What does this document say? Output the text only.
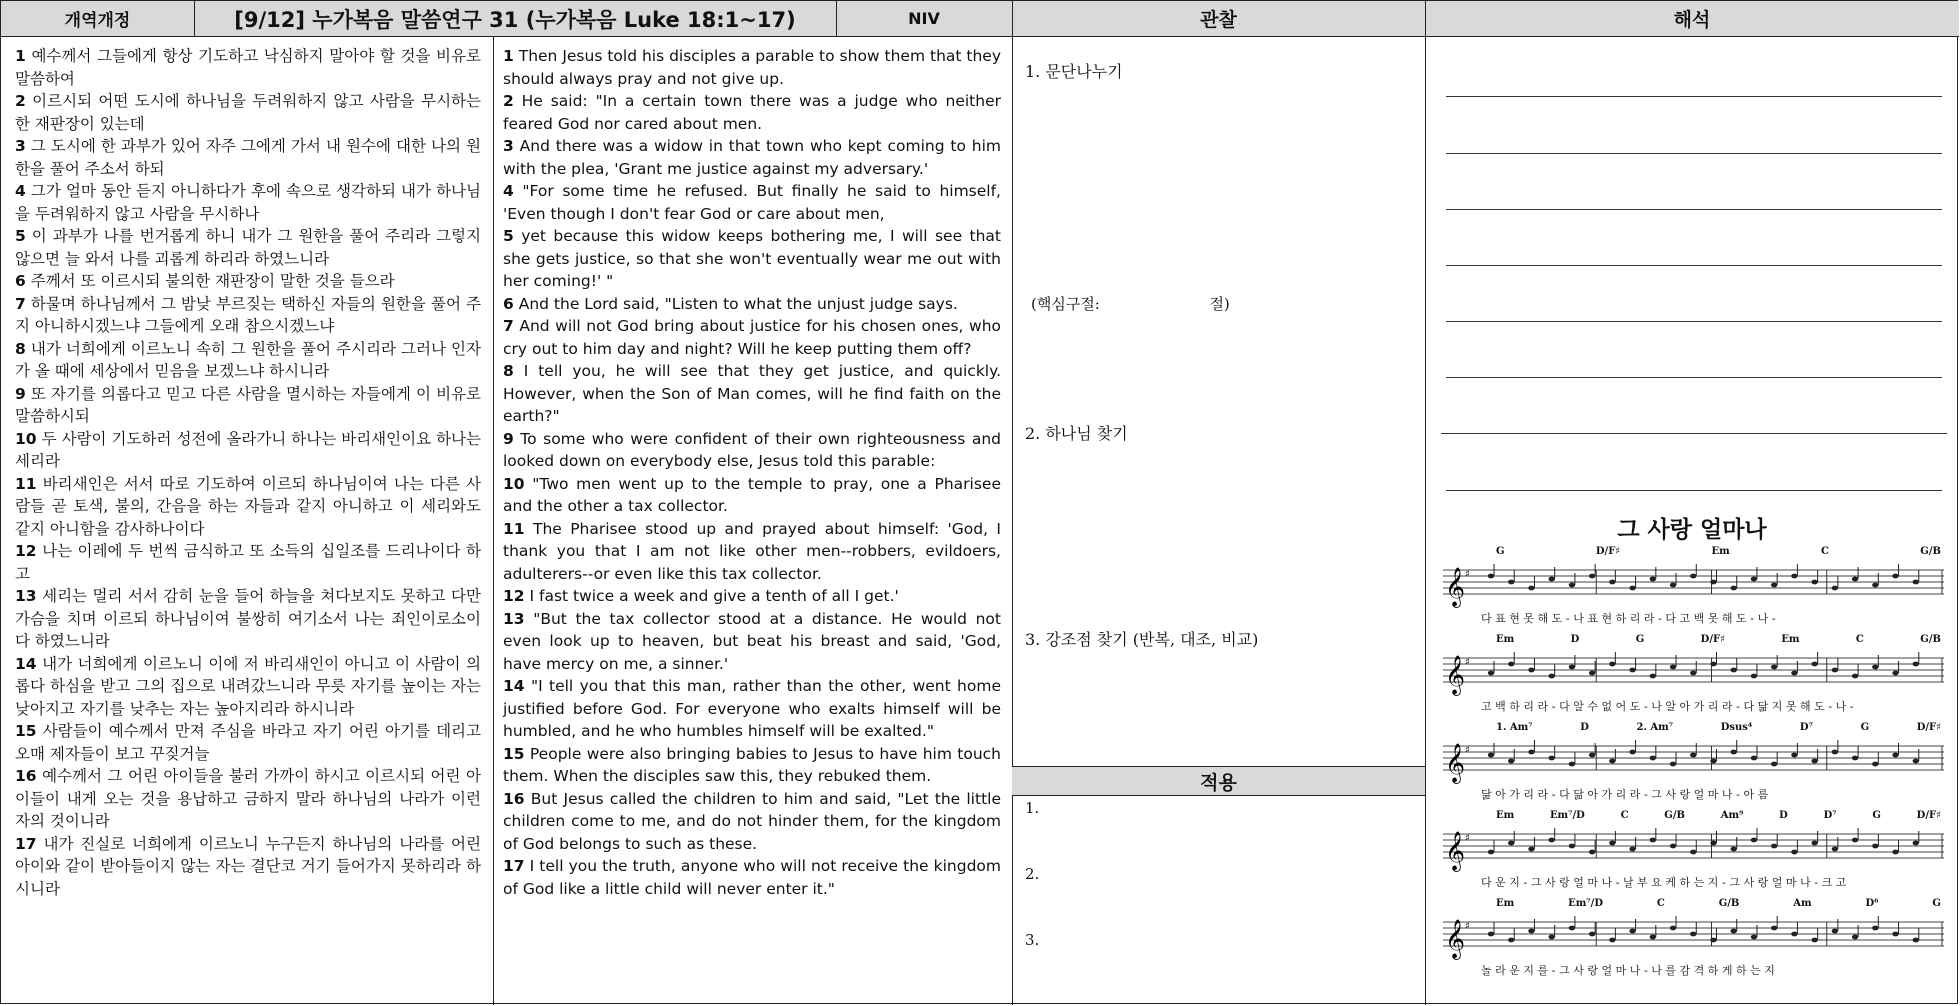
개역개정	[9/12] 누가복음 말씀연구 31 (누가복음 Luke 18:1~17)	NIV	관찰	해석
1 예수께서 그들에게 항상 기도하고 낙심하지 말아야 할 것을 비유로 말씀하여
2 이르시되 어떤 도시에 하나님을 두려워하지 않고 사람을 무시하는 한 재판장이 있는데
3 그 도시에 한 과부가 있어 자주 그에게 가서 내 원수에 대한 나의 원한을 풀어 주소서 하되
4 그가 얼마 동안 듣지 아니하다가 후에 속으로 생각하되 내가 하나님을 두려워하지 않고 사람을 무시하나
5 이 과부가 나를 번거롭게 하니 내가 그 원한을 풀어 주리라 그렇지 않으면 늘 와서 나를 괴롭게 하리라 하였느니라
6 주께서 또 이르시되 불의한 재판장이 말한 것을 들으라
7 하물며 하나님께서 그 밤낮 부르짖는 택하신 자들의 원한을 풀어 주지 아니하시겠느냐 그들에게 오래 참으시겠느냐
8 내가 너희에게 이르노니 속히 그 원한을 풀어 주시리라 그러나 인자가 올 때에 세상에서 믿음을 보겠느냐 하시니라
9 또 자기를 의롭다고 믿고 다른 사람을 멸시하는 자들에게 이 비유로 말씀하시되
10 두 사람이 기도하러 성전에 올라가니 하나는 바리새인이요 하나는 세리라
11 바리새인은 서서 따로 기도하여 이르되 하나님이여 나는 다른 사람들 곧 토색, 불의, 간음을 하는 자들과 같지 아니하고 이 세리와도 같지 아니함을 감사하나이다
12 나는 이레에 두 번씩 금식하고 또 소득의 십일조를 드리나이다 하고
13 세리는 멀리 서서 감히 눈을 들어 하늘을 쳐다보지도 못하고 다만 가슴을 치며 이르되 하나님이여 불쌍히 여기소서 나는 죄인이로소이다 하였느니라
14 내가 너희에게 이르노니 이에 저 바리새인이 아니고 이 사람이 의롭다 하심을 받고 그의 집으로 내려갔느니라 무릇 자기를 높이는 자는 낮아지고 자기를 낮추는 자는 높아지리라 하시니라
15 사람들이 예수께서 만져 주심을 바라고 자기 어린 아기를 데리고 오매 제자들이 보고 꾸짖거늘
16 예수께서 그 어린 아이들을 불러 가까이 하시고 이르시되 어린 아이들이 내게 오는 것을 용납하고 금하지 말라 하나님의 나라가 이런 자의 것이니라
17 내가 진실로 너희에게 이르노니 누구든지 하나님의 나라를 어린 아이와 같이 받아들이지 않는 자는 결단코 거기 들어가지 못하리라 하시니라
1 Then Jesus told his disciples a parable to show them that they should always pray and not give up.
2 He said: "In a certain town there was a judge who neither feared God nor cared about men.
3 And there was a widow in that town who kept coming to him with the plea, 'Grant me justice against my adversary.'
4 "For some time he refused. But finally he said to himself, 'Even though I don't fear God or care about men,
5 yet because this widow keeps bothering me, I will see that she gets justice, so that she won't eventually wear me out with her coming!' "
6 And the Lord said, "Listen to what the unjust judge says.
7 And will not God bring about justice for his chosen ones, who cry out to him day and night? Will he keep putting them off?
8 I tell you, he will see that they get justice, and quickly. However, when the Son of Man comes, will he find faith on the earth?"
9 To some who were confident of their own righteousness and looked down on everybody else, Jesus told this parable:
10 "Two men went up to the temple to pray, one a Pharisee and the other a tax collector.
11 The Pharisee stood up and prayed about himself: 'God, I thank you that I am not like other men--robbers, evildoers, adulterers--or even like this tax collector.
12 I fast twice a week and give a tenth of all I get.'
13 "But the tax collector stood at a distance. He would not even look up to heaven, but beat his breast and said, 'God, have mercy on me, a sinner.'
14 "I tell you that this man, rather than the other, went home justified before God. For everyone who exalts himself will be humbled, and he who humbles himself will be exalted."
15 People were also bringing babies to Jesus to have him touch them. When the disciples saw this, they rebuked them.
16 But Jesus called the children to him and said, "Let the little children come to me, and do not hinder them, for the kingdom of God belongs to such as these.
17 I tell you the truth, anyone who will not receive the kingdom of God like a little child will never enter it."
1. 문단나누기
(핵심구절:	절)
2. 하나님 찾기
3. 강조점 찾기 (반복, 대조, 비교)
적용
1.
2.
3.
그 사랑 얼마나
G	D/F♯	Em	C	G/B
𝄞 ♯
다 표 현 못 해 도 - 나 표 현 하 리 라 - 다 고 백 못 해 도 - 나 -
Em	D	G	D/F♯	Em	C	G/B
𝄞 ♯
고 백 하 리 라 - 다 알 수 없 어 도 - 나 알 아 가 리 라 - 다 닮 지 못 해 도 - 나 -
1. Am⁷	D	2. Am⁷	Dsus⁴	D⁷	G	D/F♯
𝄞 ♯
닮 아 가 리 라 - 다 닮 아 가 리 라 - 그 사 랑 얼 마 나 - 아 름
Em	Em⁷/D	C	G/B	Am⁹	D	D⁷	G	D/F♯
𝄞 ♯
다 운 지 - 그 사 랑 얼 마 나 - 날 부 요 케 하 는 지 - 그 사 랑 얼 마 나 - 크 고
Em	Em⁷/D	C	G/B	Am	D⁶	G
𝄞 ♯
놀 라 운 지 를 - 그 사 랑 얼 마 나 - 나 를 감 격 하 게 하 는 지
